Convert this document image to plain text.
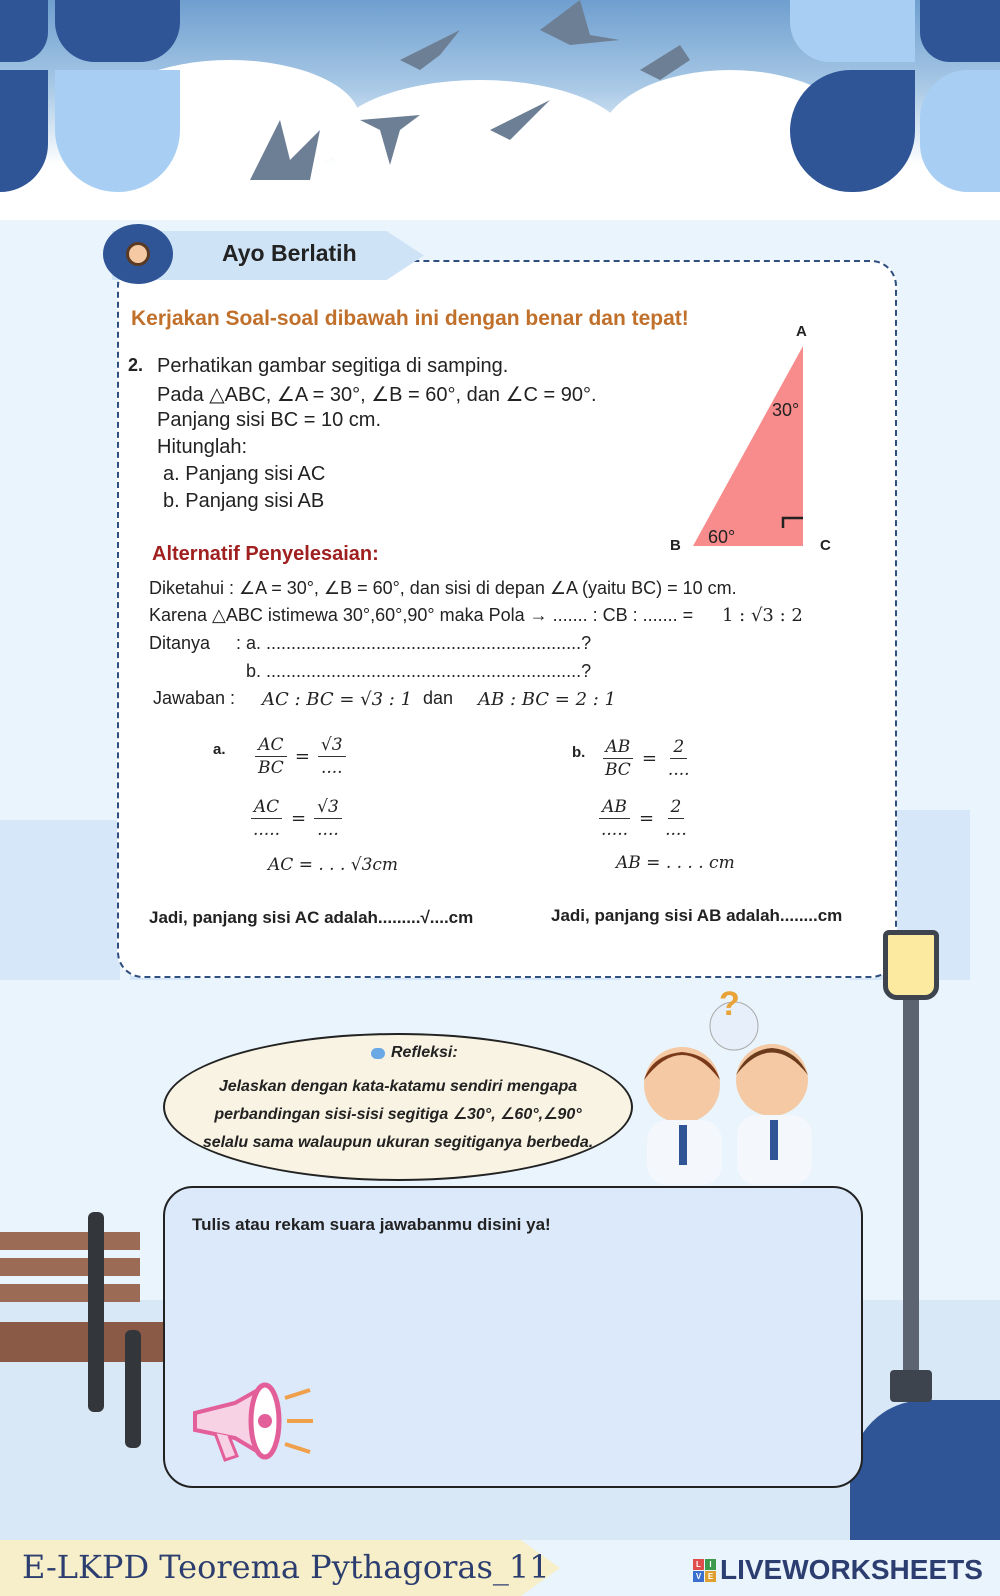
Ayo Berlatih
Kerjakan Soal-soal dibawah ini dengan benar dan tepat!
2. Perhatikan gambar segitiga di samping.
Pada △ABC, ∠A = 30°, ∠B = 60°, dan ∠C = 90°.
Panjang sisi BC = 10 cm.
Hitunglah:
a. Panjang sisi AC
b. Panjang sisi AB
A
B	C
30°
60°
Alternatif Penyelesaian:
Diketahui : ∠A = 30°, ∠B = 60°, dan sisi di depan ∠A (yaitu BC) = 10 cm.
Karena △ABC istimewa 30°,60°,90° maka Pola → ....... : CB : ....... = 1 : √3 : 2
Ditanya : a. ...............................................................?
b. ...............................................................?
Jawaban : AC : BC = √3 : 1 dan AB : BC = 2 : 1
a. $\frac{AC}{BC} = \frac{√3}{....}$
$\frac{AC}{.....} = \frac{√3}{....}$
AC = . . . √3cm
Jadi, panjang sisi AC adalah.........√....cm
b. $\frac{AB}{BC} = \frac{2}{....}$
$\frac{AB}{.....} = \frac{2}{....}$
AB = . . . . cm
Jadi, panjang sisi AB adalah........cm
?
Refleksi:
Jelaskan dengan kata-katamu sendiri mengapa
perbandingan sisi-sisi segitiga ∠30°, ∠60°,∠90°
selalu sama walaupun ukuran segitiganya berbeda.
Tulis atau rekam suara jawabanmu disini ya!
E-LKPD Teorema Pythagoras_11	L	I
V E LIVEWORKSHEETS
